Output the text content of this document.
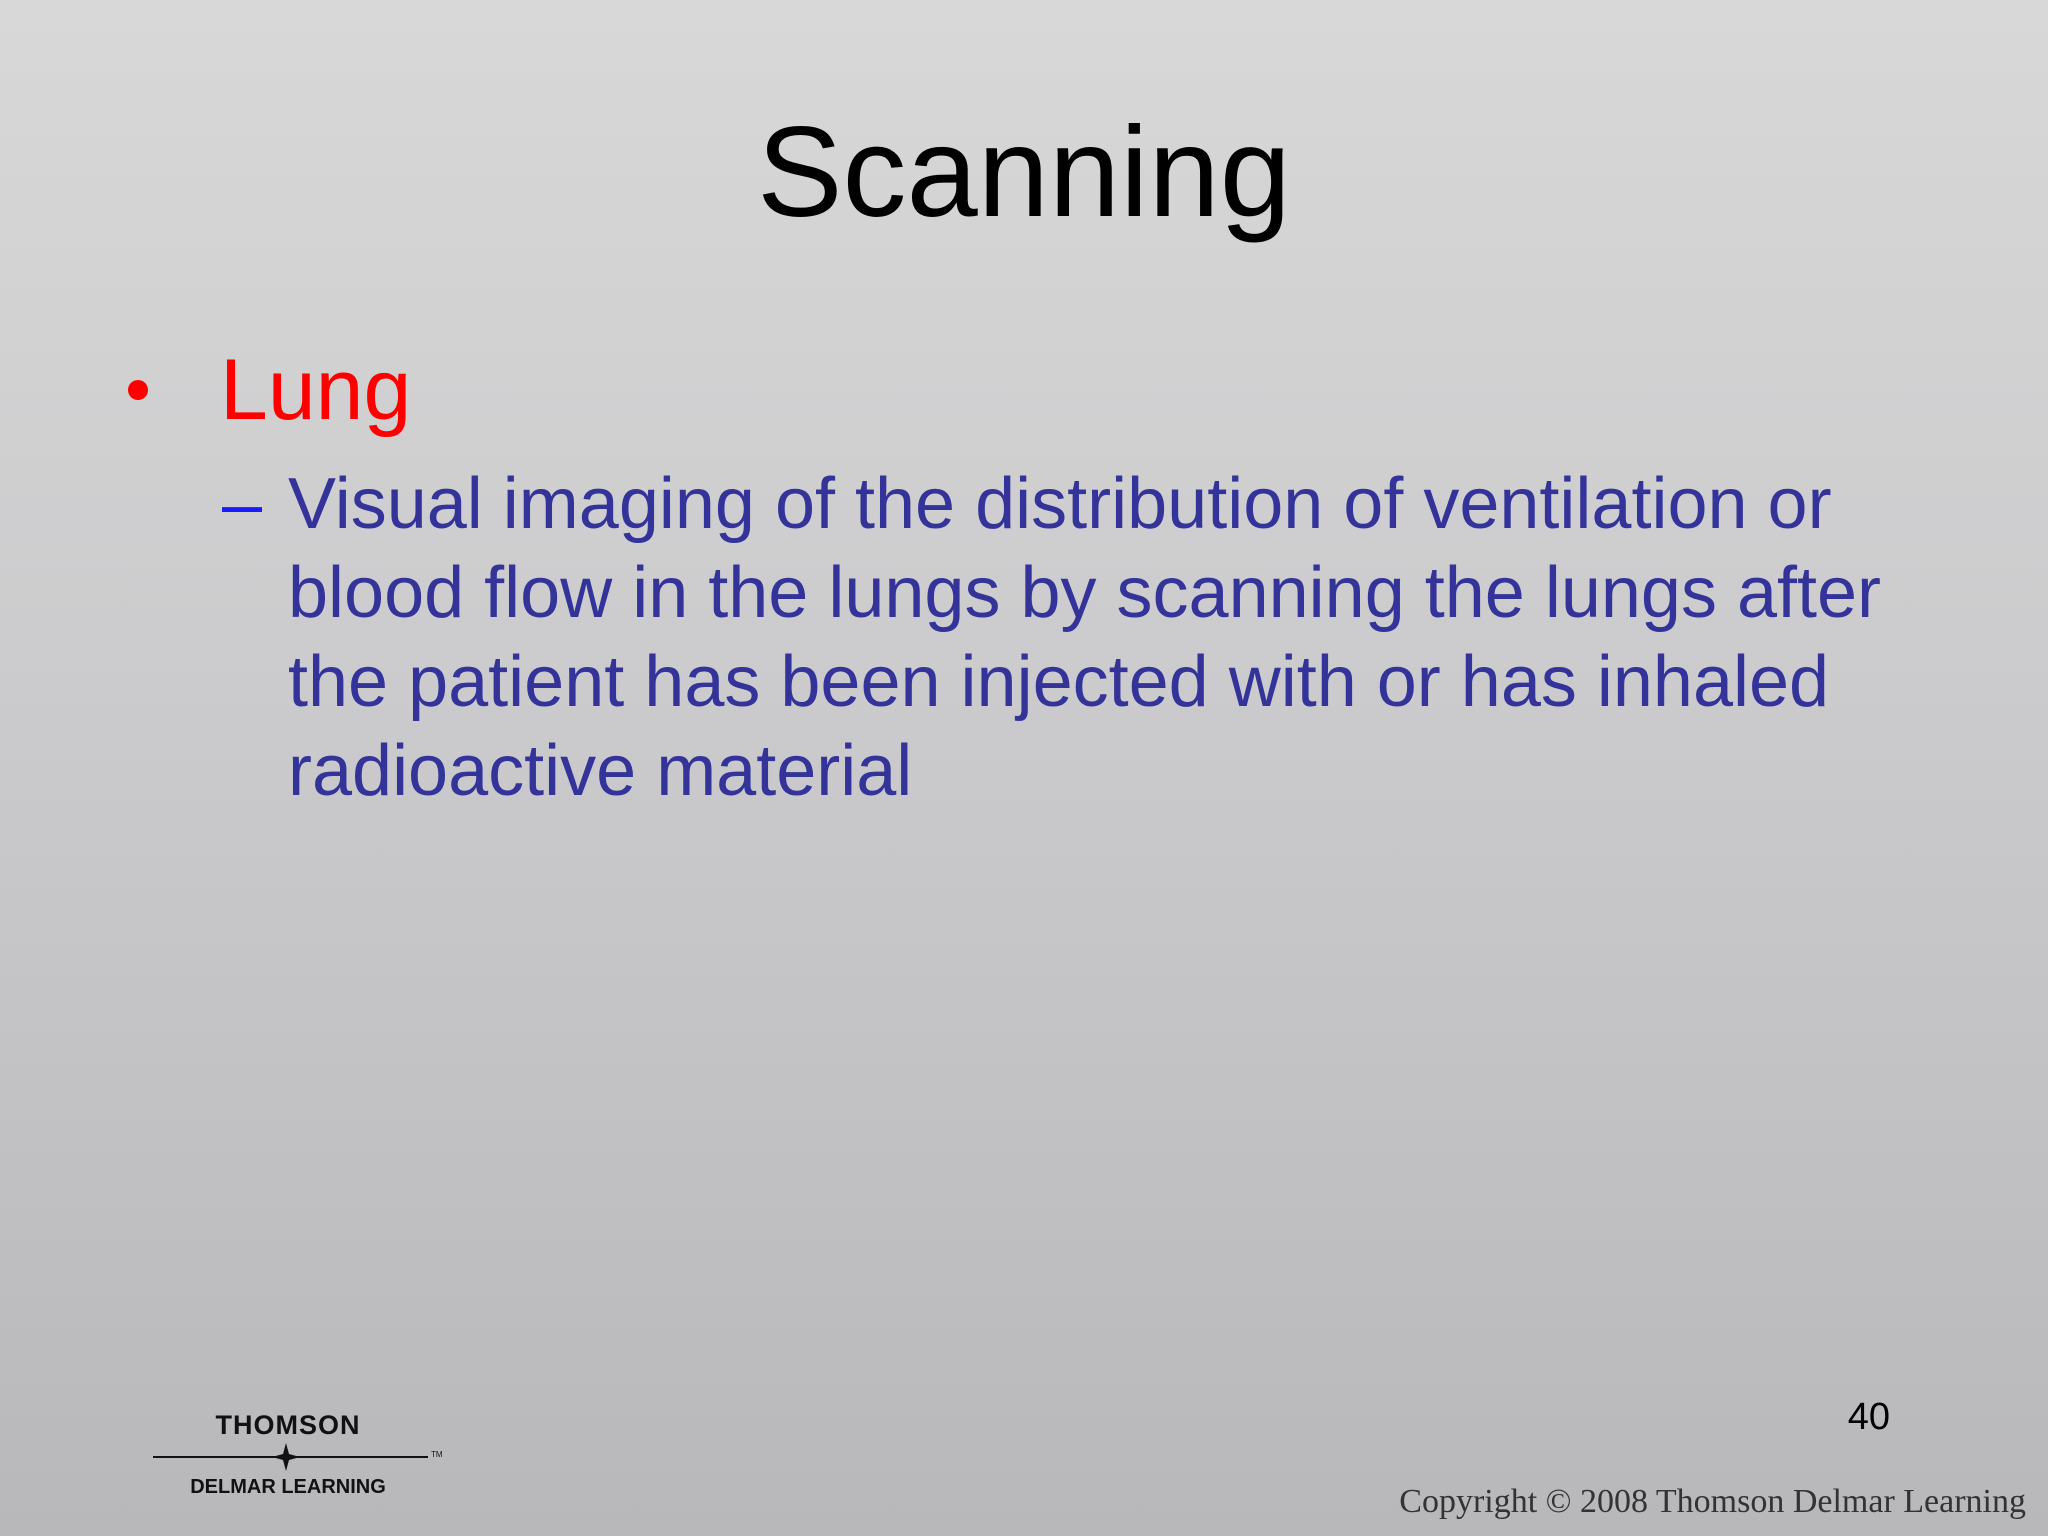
Scanning
Lung
– Visual imaging of the distribution of ventilation or blood flow in the lungs by scanning the lungs after the patient has been injected with or has inhaled radioactive material

40
THOMSON
TM
DELMAR LEARNING	Copyright © 2008 Thomson Delmar Learning
